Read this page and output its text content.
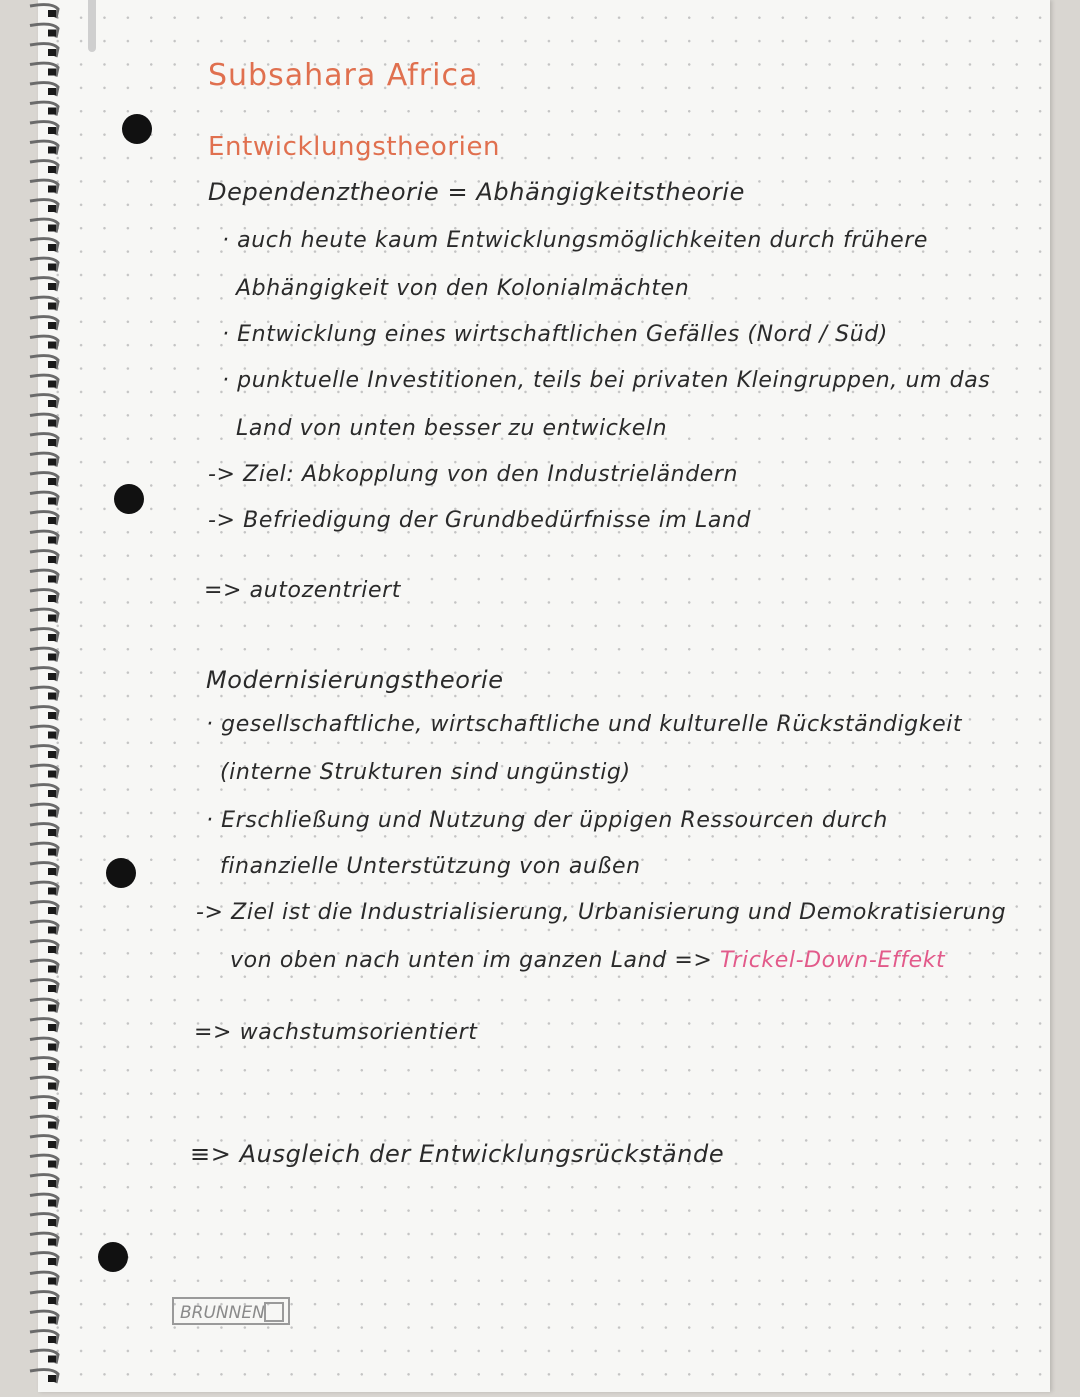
Subsahara Africa
Entwicklungstheorien
Dependenztheorie = Abhängigkeitstheorie
· auch heute kaum Entwicklungsmöglichkeiten durch frühere
Abhängigkeit von den Kolonialmächten
· Entwicklung eines wirtschaftlichen Gefälles (Nord / Süd)
· punktuelle Investitionen, teils bei privaten Kleingruppen, um das
Land von unten besser zu entwickeln
-> Ziel: Abkopplung von den Industrieländern
-> Befriedigung der Grundbedürfnisse im Land
=> autozentriert
Modernisierungstheorie
· gesellschaftliche, wirtschaftliche und kulturelle Rückständigkeit
(interne Strukturen sind ungünstig)
· Erschließung und Nutzung der üppigen Ressourcen durch
finanzielle Unterstützung von außen
-> Ziel ist die Industrialisierung, Urbanisierung und Demokratisierung
von oben nach unten im ganzen Land => Trickel-Down-Effekt
=> wachstumsorientiert
≡> Ausgleich der Entwicklungsrückstände
BRUNNEN
